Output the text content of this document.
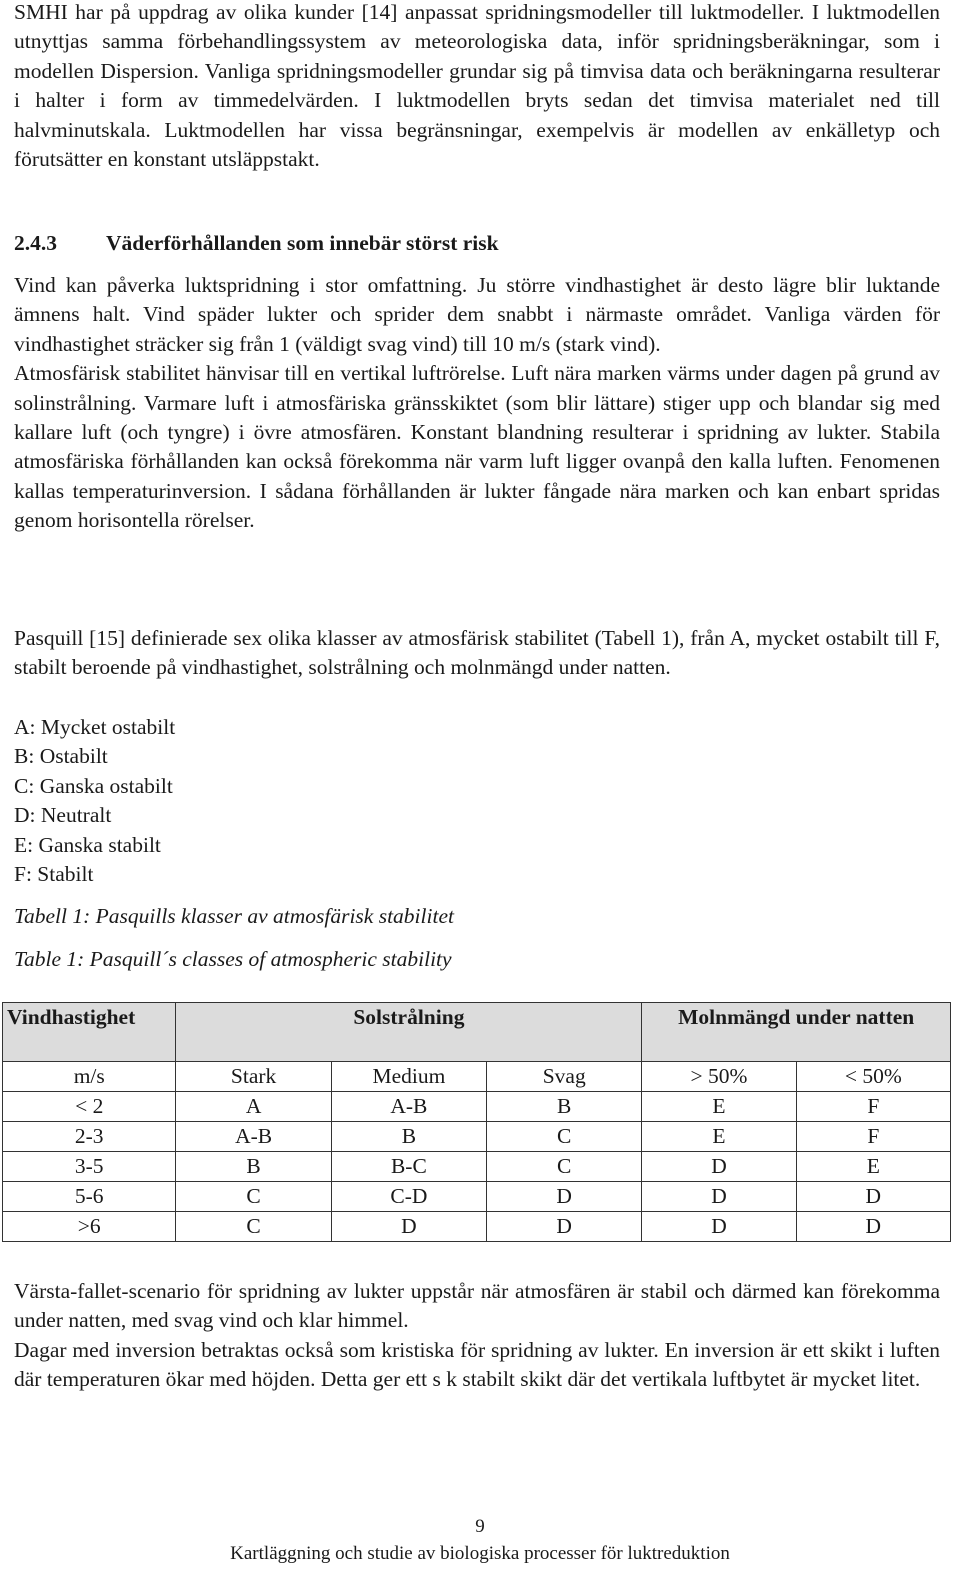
SMHI har på uppdrag av olika kunder [14] anpassat spridningsmodeller till luktmodeller. I luktmodellen utnyttjas samma förbehandlingssystem av meteorologiska data, inför spridningsberäkningar, som i modellen Dispersion. Vanliga spridningsmodeller grundar sig på timvisa data och beräkningarna resulterar i halter i form av timmedelvärden. I luktmodellen bryts sedan det timvisa materialet ned till halvminutskala. Luktmodellen har vissa begränsningar, exempelvis är modellen av enkälletyp och förutsätter en konstant utsläppstakt.

2.4.3 Väderförhållanden som innebär störst risk

Vind kan påverka luktspridning i stor omfattning. Ju större vindhastighet är desto lägre blir luktande ämnens halt. Vind späder lukter och sprider dem snabbt i närmaste området. Vanliga värden för vindhastighet sträcker sig från 1 (väldigt svag vind) till 10 m/s (stark vind).

Atmosfärisk stabilitet hänvisar till en vertikal luftrörelse. Luft nära marken värms under dagen på grund av solinstrålning. Varmare luft i atmosfäriska gränsskiktet (som blir lättare) stiger upp och blandar sig med kallare luft (och tyngre) i övre atmosfären. Konstant blandning resulterar i spridning av lukter. Stabila atmosfäriska förhållanden kan också förekomma när varm luft ligger ovanpå den kalla luften. Fenomenen kallas temperaturinversion. I sådana förhållanden är lukter fångade nära marken och kan enbart spridas genom horisontella rörelser.

Pasquill [15] definierade sex olika klasser av atmosfärisk stabilitet (Tabell 1), från A, mycket ostabilt till F, stabilt beroende på vindhastighet, solstrålning och molnmängd under natten.

A: Mycket ostabilt
B: Ostabilt
C: Ganska ostabilt
D: Neutralt
E: Ganska stabilt
F: Stabilt
Tabell 1: Pasquills klasser av atmosfärisk stabilitet
Table 1: Pasquill´s classes of atmospheric stability

Värsta-fallet-scenario för spridning av lukter uppstår när atmosfären är stabil och därmed kan förekomma under natten, med svag vind och klar himmel.

Dagar med inversion betraktas också som kristiska för spridning av lukter. En inversion är ett skikt i luften där temperaturen ökar med höjden. Detta ger ett s k stabilt skikt där det vertikala luftbytet är mycket litet.

Vindhastighet	Solstrålning			Molnmängd under natten	
m/s	Stark	Medium	Svag	> 50%	< 50%
< 2	A	A-B	B	E	F
2-3	A-B	B	C	E	F
3-5	B	B-C	C	D	E
5-6	C	C-D	D	D	D
>6	C	D	D	D	D
9
Kartläggning och studie av biologiska processer för luktreduktion
